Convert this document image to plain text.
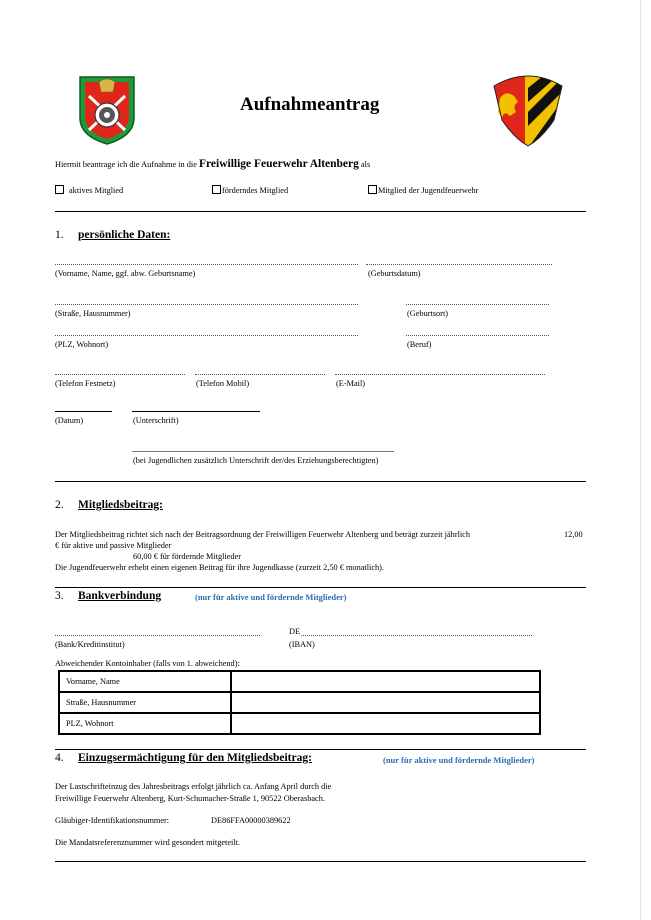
Aufnahmeantrag
Hiermit beantrage ich die Aufnahme in die Freiwillige Feuerwehr Altenberg als
aktives Mitglied	förderndes Mitglied	Mitglied der Jugendfeuerwehr
1. persönliche Daten:
(Vorname, Name, ggf. abw. Geburtsname)	(Geburtsdatum)
(Straße, Hausnummer)	(Geburtsort)
(PLZ, Wohnort)	(Beruf)
(Telefon Festnetz)	(Telefon Mobil)	(E-Mail)
(Datum)	(Unterschrift)
(bei Jugendlichen zusätzlich Unterschrift der/des Erziehungsberechtigten)
2. Mitgliedsbeitrag:
Der Mitgliedsbeitrag richtet sich nach der Beitragsordnung der Freiwilligen Feuerwehr Altenberg und beträgt zurzeit jährlich	12,00
€ für aktive und passive Mitglieder
60,00 € für fördernde Mitglieder
Die Jugendfeuerwehr erhebt einen eigenen Beitrag für ihre Jugendkasse (zurzeit 2,50 € monatlich).
3. Bankverbindung	(nur für aktive und fördernde Mitglieder)
DE
(Bank/Kreditinstitut)	(IBAN)
Abweichender Kontoinhaber (falls von 1. abweichend):
Vorname, Name	
Straße, Hausnummer	
PLZ, Wohnort	
4. Einzugsermächtigung für den Mitgliedsbeitrag:	(nur für aktive und fördernde Mitglieder)
Der Lastschrifteinzug des Jahresbeitrags erfolgt jährlich ca. Anfang April durch die
Freiwillige Feuerwehr Altenberg, Kurt-Schumacher-Straße 1, 90522 Oberasbach.
Gläubiger-Identifikationsnummer:	DE86FFA00000389622
Die Mandatsreferenznummer wird gesondert mitgeteilt.
